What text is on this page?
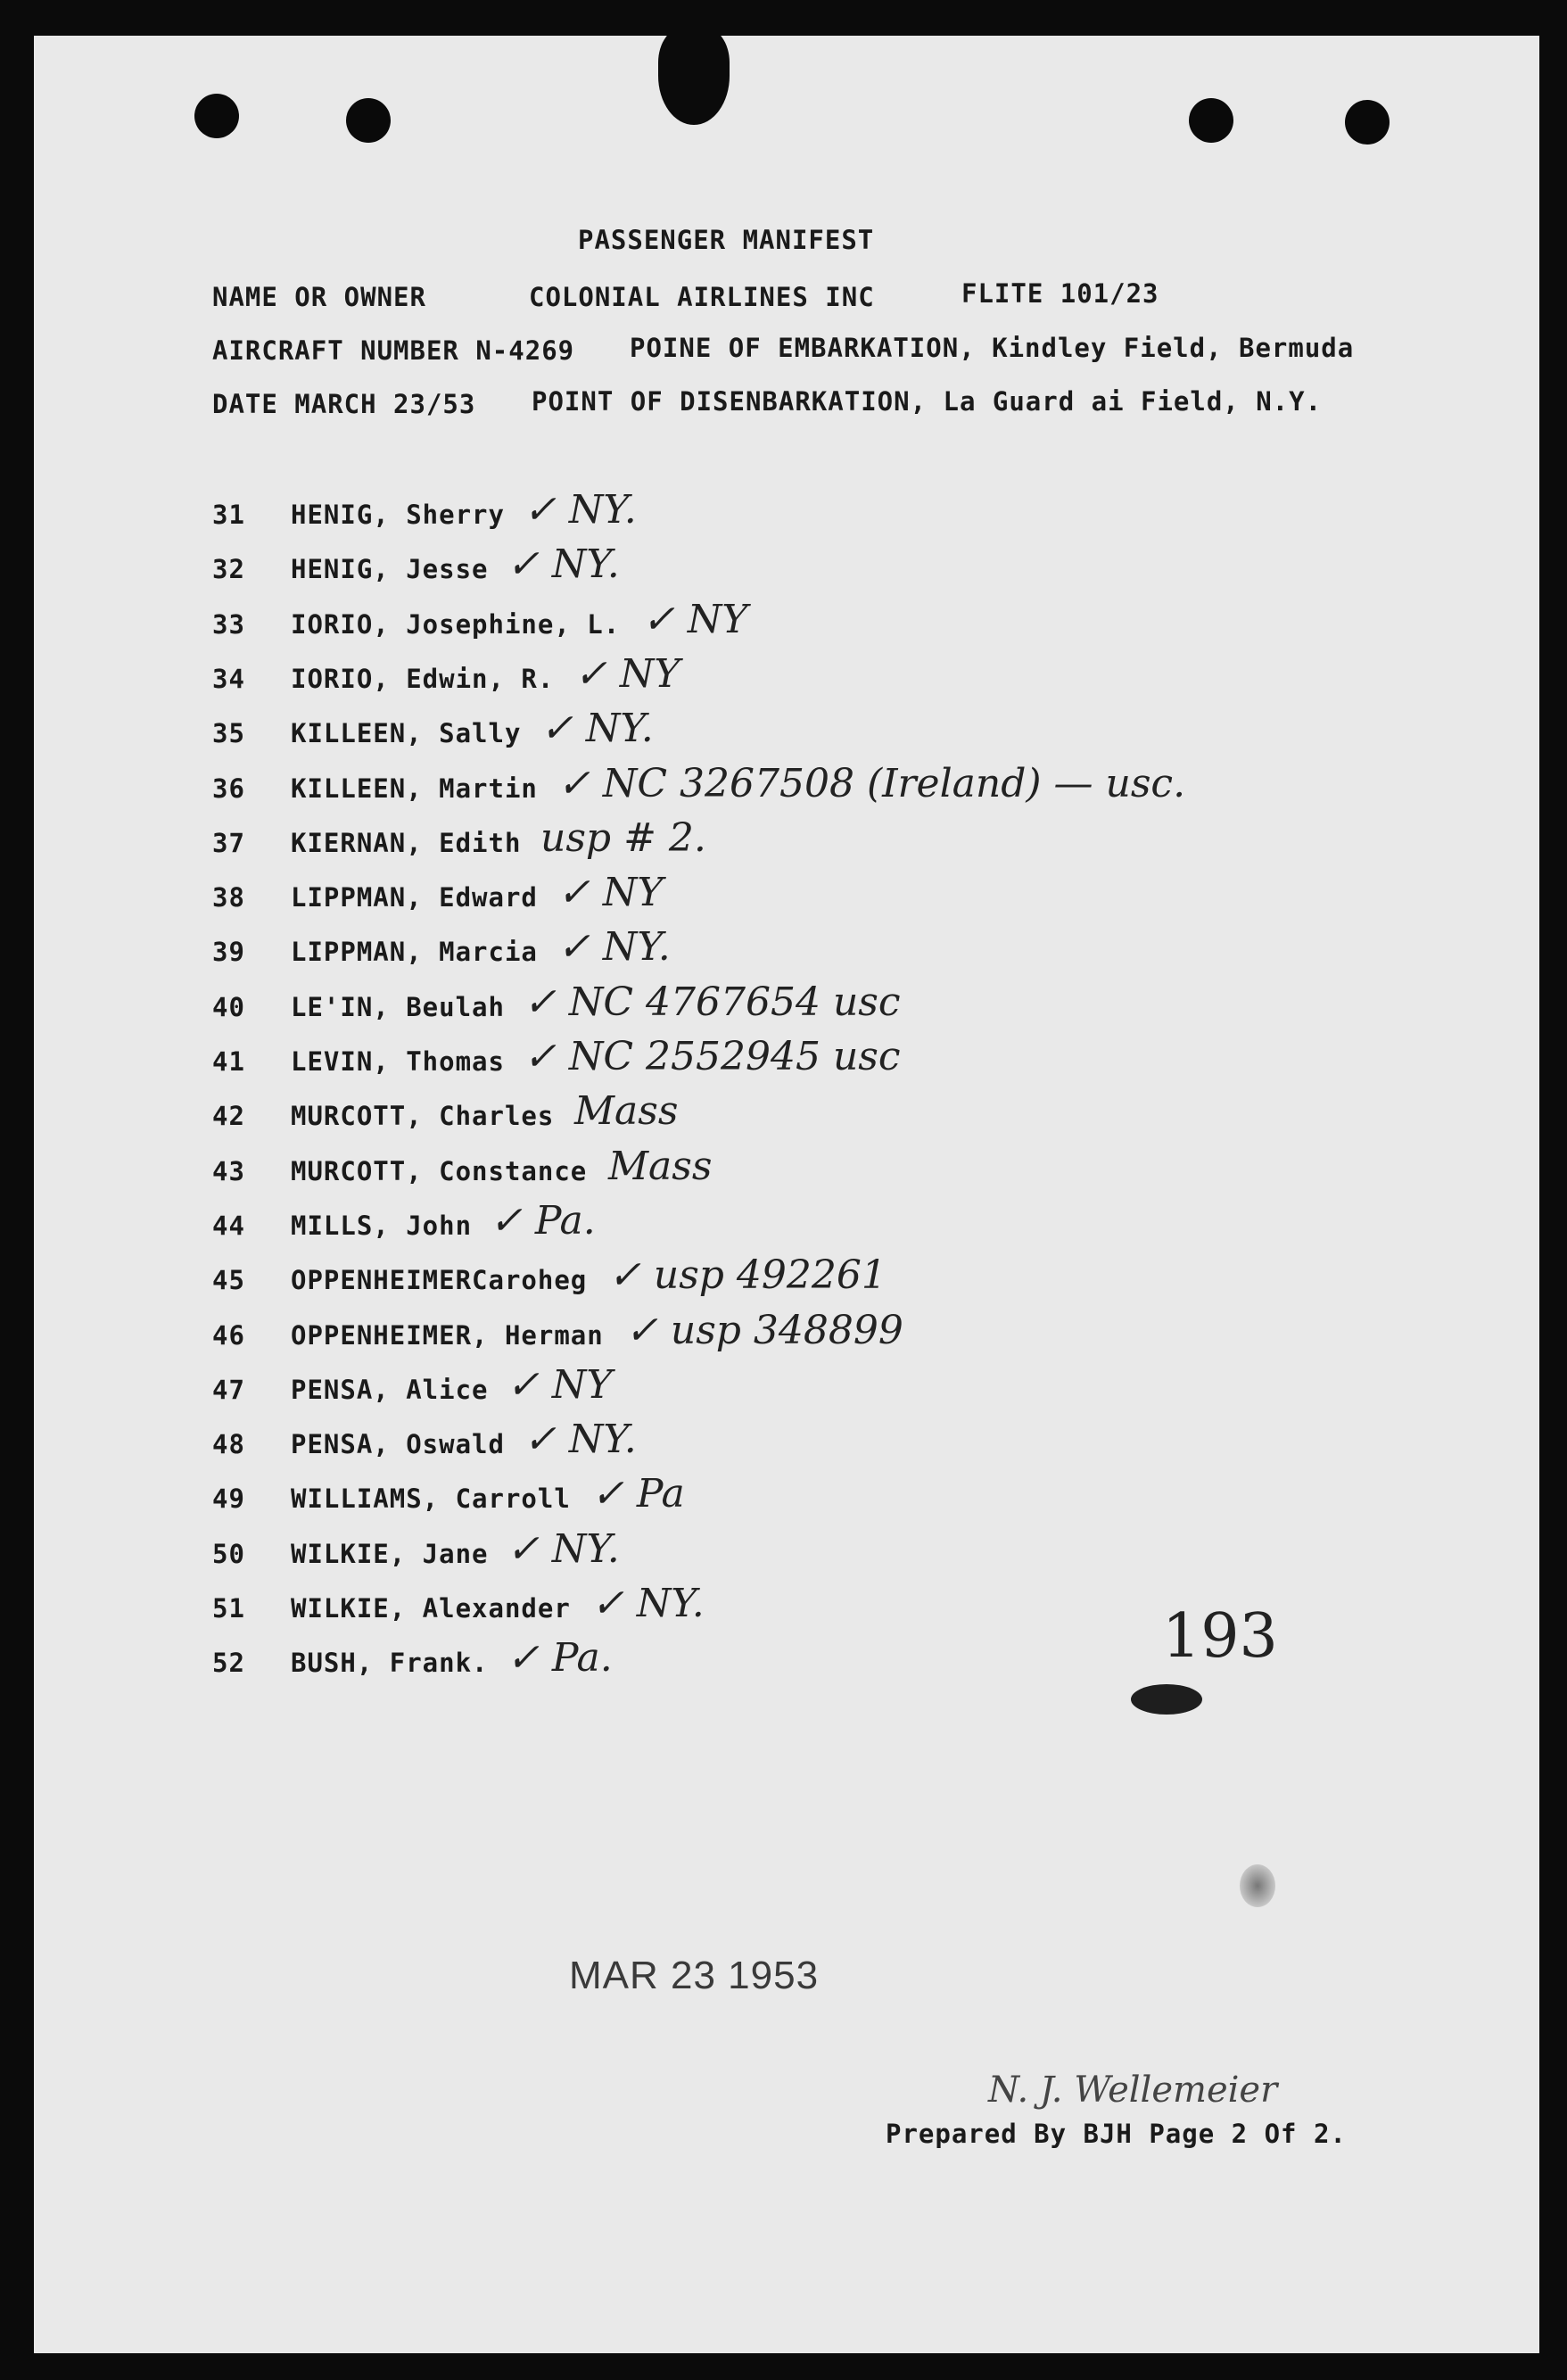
PASSENGER MANIFEST
NAME OR OWNER	COLONIAL AIRLINES INC	FLITE 101/23
AIRCRAFT NUMBER N-4269 POINE OF EMBARKATION, Kindley Field, Bermuda
DATE MARCH 23/53 POINT OF DISENBARKATION, La Guard ai Field, N.Y.
31 HENIG, Sherry ✓ NY.
32 HENIG, Jesse ✓ NY.
33 IORIO, Josephine, L. ✓ NY
34 IORIO, Edwin, R. ✓ NY
35 KILLEEN, Sally ✓ NY.
36 KILLEEN, Martin ✓ NC 3267508 (Ireland) — usc.
37 KIERNAN, Edith usp # 2.
38 LIPPMAN, Edward ✓ NY
39 LIPPMAN, Marcia ✓ NY.
40 LE'IN, Beulah ✓ NC 4767654 usc
41 LEVIN, Thomas ✓ NC 2552945 usc
42 MURCOTT, Charles Mass
43 MURCOTT, Constance Mass
44 MILLS, John ✓ Pa.
45 OPPENHEIMERCaroheg ✓ usp 492261
46 OPPENHEIMER, Herman ✓ usp 348899
47 PENSA, Alice ✓ NY
48 PENSA, Oswald ✓ NY.
49 WILLIAMS, Carroll ✓ Pa
50 WILKIE, Jane ✓ NY.
51 WILKIE, Alexander ✓ NY.
52 BUSH, Frank. ✓ Pa.	193
MAR 23 1953
N. J. Wellemeier
Prepared By BJH Page 2 Of 2.
